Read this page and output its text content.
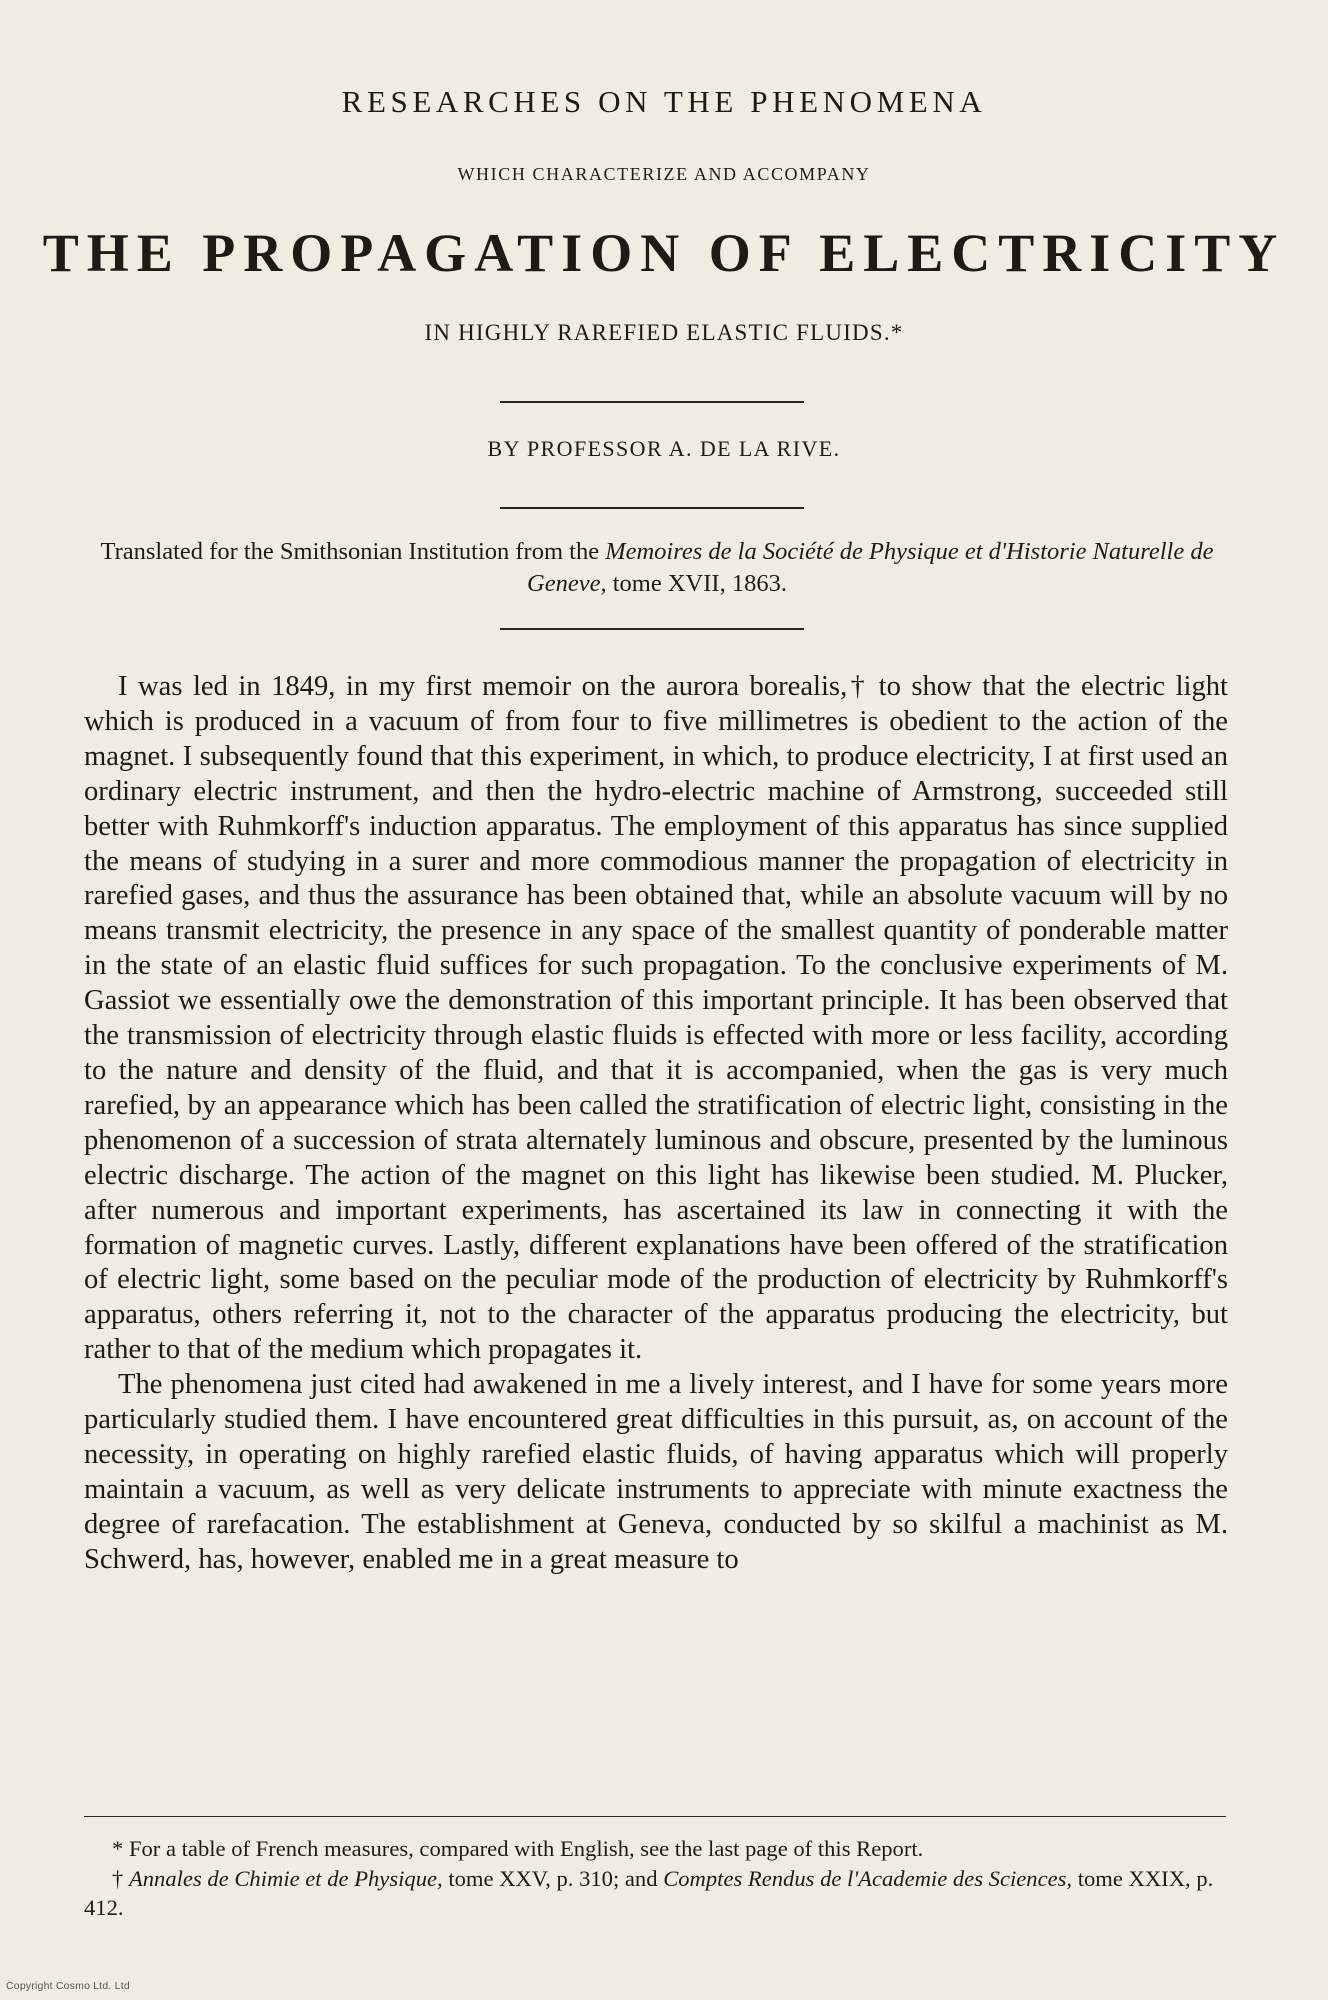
RESEARCHES ON THE PHENOMENA
WHICH CHARACTERIZE AND ACCOMPANY
THE PROPAGATION OF ELECTRICITY
IN HIGHLY RAREFIED ELASTIC FLUIDS.*
BY PROFESSOR A. DE LA RIVE.
Translated for the Smithsonian Institution from the Memoires de la Société de Physique et d'Historie Naturelle de Geneve, tome XVII, 1863.

I was led in 1849, in my first memoir on the aurora borealis,† to show that the electric light which is produced in a vacuum of from four to five millimetres is obedient to the action of the magnet. I subsequently found that this experiment, in which, to produce electricity, I at first used an ordinary electric instrument, and then the hydro-electric machine of Armstrong, succeeded still better with Ruhmkorff's induction apparatus. The employment of this apparatus has since supplied the means of studying in a surer and more commodious manner the propagation of electricity in rarefied gases, and thus the assurance has been obtained that, while an absolute vacuum will by no means transmit electricity, the presence in any space of the smallest quantity of ponderable matter in the state of an elastic fluid suffices for such propagation. To the conclusive experiments of M. Gassiot we essentially owe the demonstration of this important principle. It has been observed that the transmission of electricity through elastic fluids is effected with more or less facility, according to the nature and density of the fluid, and that it is accompanied, when the gas is very much rarefied, by an appearance which has been called the stratification of electric light, consisting in the phenomenon of a succession of strata alternately luminous and obscure, presented by the luminous electric discharge. The action of the magnet on this light has likewise been studied. M. Plucker, after numerous and important experiments, has ascertained its law in connecting it with the formation of magnetic curves. Lastly, different explanations have been offered of the stratification of electric light, some based on the peculiar mode of the production of electricity by Ruhmkorff's apparatus, others referring it, not to the character of the apparatus producing the electricity, but rather to that of the medium which propagates it.

The phenomena just cited had awakened in me a lively interest, and I have for some years more particularly studied them. I have encountered great difficulties in this pursuit, as, on account of the necessity, in operating on highly rarefied elastic fluids, of having apparatus which will properly maintain a vacuum, as well as very delicate instruments to appreciate with minute exactness the degree of rarefacation. The establishment at Geneva, conducted by so skilful a machinist as M. Schwerd, has, however, enabled me in a great measure to

* For a table of French measures, compared with English, see the last page of this Report.

† Annales de Chimie et de Physique, tome XXV, p. 310; and Comptes Rendus de l'Academie des Sciences, tome XXIX, p. 412.

Copyright Cosmo Ltd. Ltd
